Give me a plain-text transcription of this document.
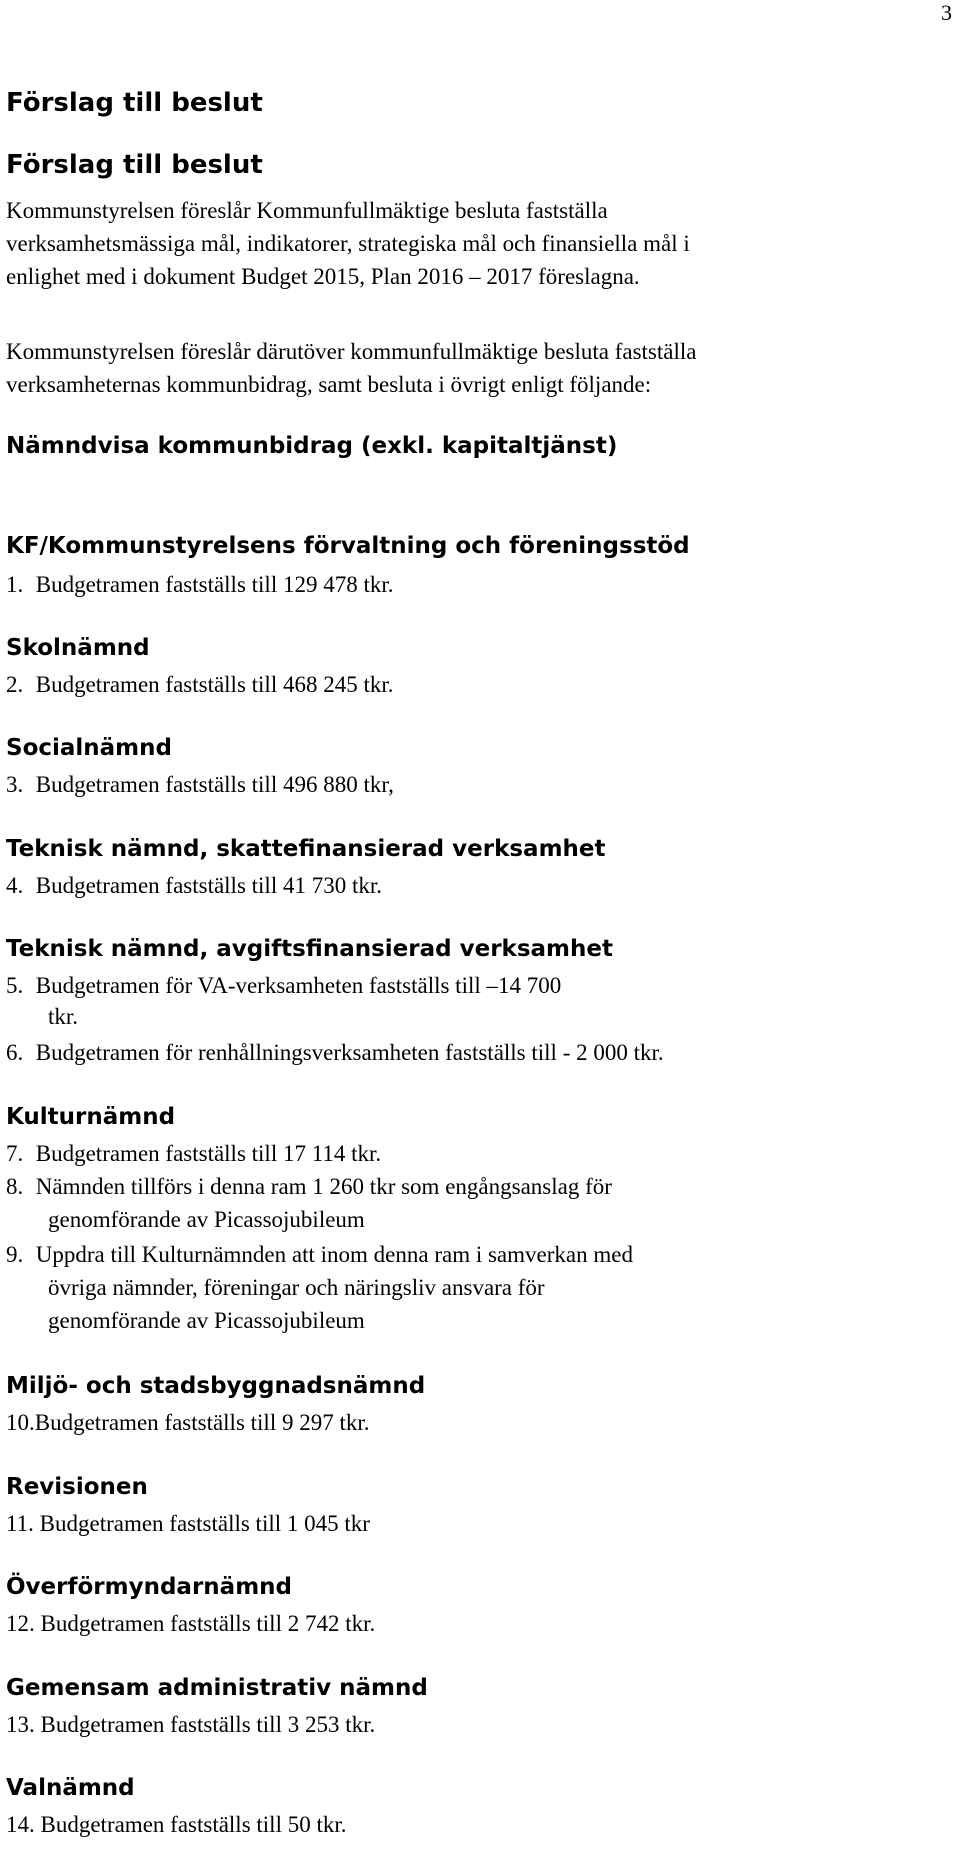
3
Förslag till beslut
Förslag till beslut
Kommunstyrelsen föreslår Kommunfullmäktige besluta fastställa
verksamhetsmässiga mål, indikatorer, strategiska mål och finansiella mål i
enlighet med i dokument Budget 2015, Plan 2016 – 2017 föreslagna.
Kommunstyrelsen föreslår därutöver kommunfullmäktige besluta fastställa
verksamheternas kommunbidrag, samt besluta i övrigt enligt följande:
Nämndvisa kommunbidrag (exkl. kapitaltjänst)
KF/Kommunstyrelsens förvaltning och föreningsstöd
1. Budgetramen fastställs till 129 478 tkr.
Skolnämnd
2. Budgetramen fastställs till 468 245 tkr.
Socialnämnd
3. Budgetramen fastställs till 496 880 tkr,
Teknisk nämnd, skattefinansierad verksamhet
4. Budgetramen fastställs till 41 730 tkr.
Teknisk nämnd, avgiftsfinansierad verksamhet
5. Budgetramen för VA-verksamheten fastställs till –14 700
tkr.
6. Budgetramen för renhållningsverksamheten fastställs till - 2 000 tkr.
Kulturnämnd
7. Budgetramen fastställs till 17 114 tkr.
8. Nämnden tillförs i denna ram 1 260 tkr som engångsanslag för
genomförande av Picassojubileum
9. Uppdra till Kulturnämnden att inom denna ram i samverkan med
övriga nämnder, föreningar och näringsliv ansvara för
genomförande av Picassojubileum
Miljö- och stadsbyggnadsnämnd
10.Budgetramen fastställs till 9 297 tkr.
Revisionen
11. Budgetramen fastställs till 1 045 tkr
Överförmyndarnämnd
12. Budgetramen fastställs till 2 742 tkr.
Gemensam administrativ nämnd
13. Budgetramen fastställs till 3 253 tkr.
Valnämnd
14. Budgetramen fastställs till 50 tkr.
